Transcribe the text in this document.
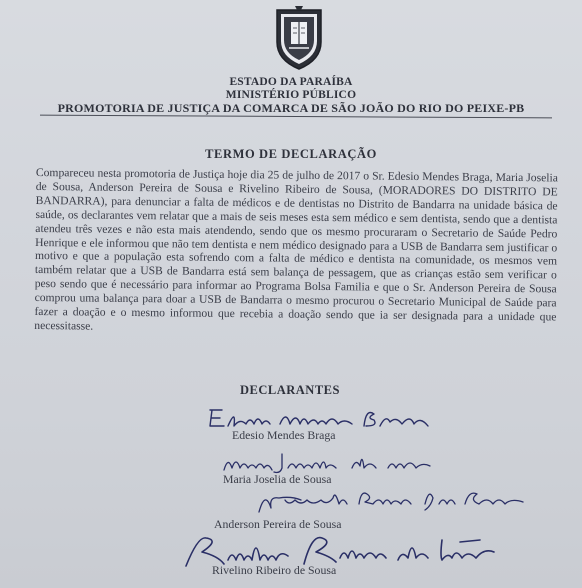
ESTADO DA PARAÍBA
MINISTÉRIO PÚBLICO
PROMOTORIA DE JUSTIÇA DA COMARCA DE SÃO JOÃO DO RIO DO PEIXE-PB
TERMO DE DECLARAÇÃO
Compareceu nesta promotoria de Justiça hoje dia 25 de julho de 2017 o Sr. Edesio Mendes Braga, Maria Joselia de Sousa, Anderson Pereira de Sousa e Rivelino Ribeiro de Sousa, (MORADORES DO DISTRITO DE BANDARRA), para denunciar a falta de médicos e de dentistas no Distrito de Bandarra na unidade básica de saúde, os declarantes vem relatar que a mais de seis meses esta sem médico e sem dentista, sendo que a dentista atendeu três vezes e não esta mais atendendo, sendo que os mesmo procuraram o Secretario de Saúde Pedro Henrique e ele informou que não tem dentista e nem médico designado para a USB de Bandarra sem justificar o motivo e que a população esta sofrendo com a falta de médico e dentista na comunidade, os mesmos vem também relatar que a USB de Bandarra está sem balança de pessagem, que as crianças estão sem verificar o peso sendo que é necessário para informar ao Programa Bolsa Familia e que o Sr. Anderson Pereira de Sousa comprou uma balança para doar a USB de Bandarra o mesmo procurou o Secretario Municipal de Saúde para fazer a doação e o mesmo informou que recebia a doação sendo que ia ser designada para a unidade que necessitasse.
DECLARANTES
Edesio Mendes Braga
Maria Joselia de Sousa
Anderson Pereira de Sousa
Rivelino Ribeiro de Sousa
